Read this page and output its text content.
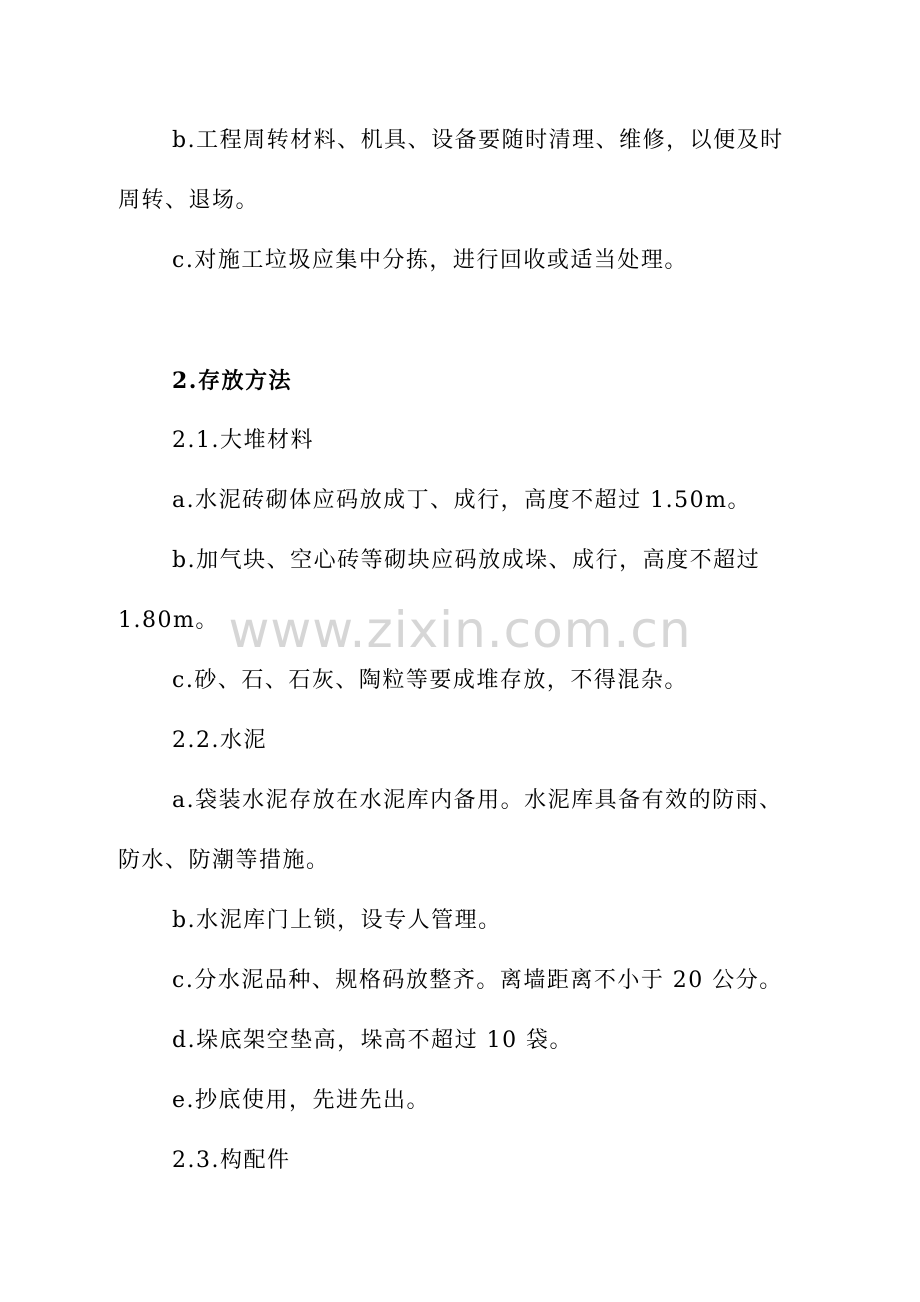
www.zixin.com.cn
b.工程周转材料、机具、设备要随时清理、维修，以便及时
周转、退场。
c.对施工垃圾应集中分拣，进行回收或适当处理。
2.存放方法
2.1.大堆材料
a.水泥砖砌体应码放成丁、成行，高度不超过 1.50m。
b.加气块、空心砖等砌块应码放成垛、成行，高度不超过
1.80m。
c.砂、石、石灰、陶粒等要成堆存放，不得混杂。
2.2.水泥
a.袋装水泥存放在水泥库内备用。水泥库具备有效的防雨、
防水、防潮等措施。
b.水泥库门上锁，设专人管理。
c.分水泥品种、规格码放整齐。离墙距离不小于 20 公分。
d.垛底架空垫高，垛高不超过 10 袋。
e.抄底使用，先进先出。
2.3.构配件
